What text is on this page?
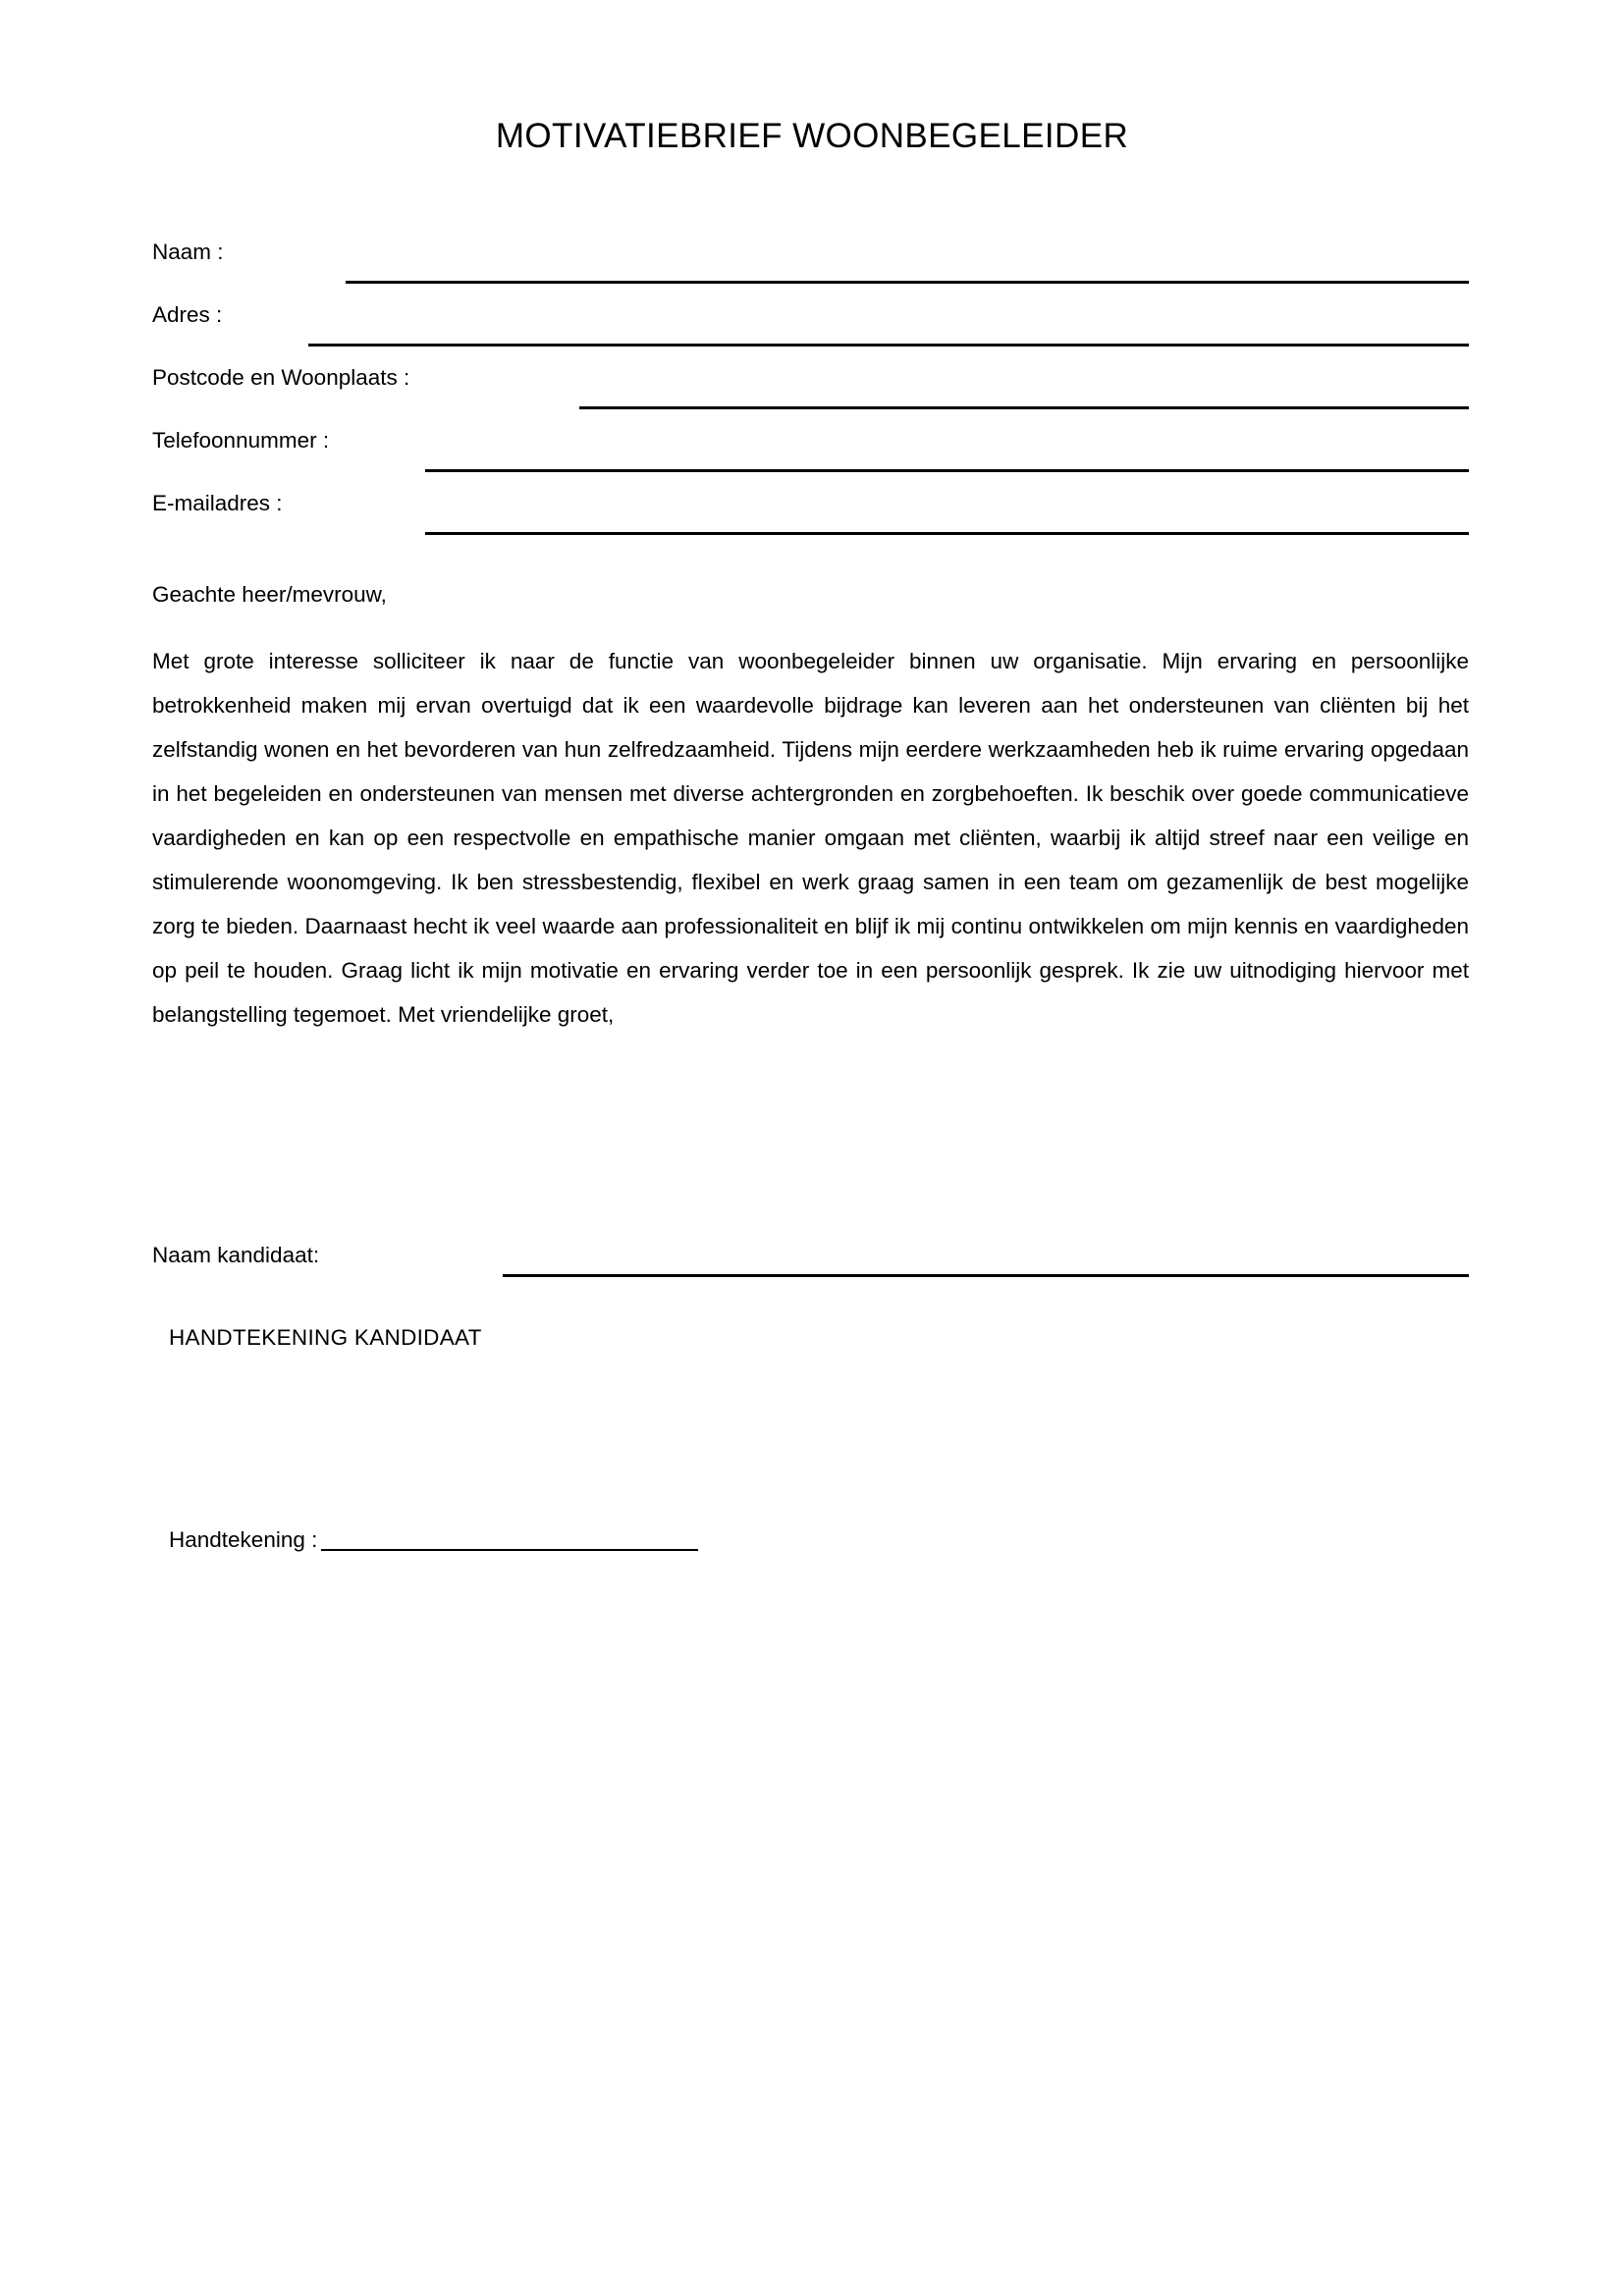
MOTIVATIEBRIEF WOONBEGELEIDER
Naam :
Adres :
Postcode en Woonplaats :
Telefoonnummer :
E-mailadres :
Geachte heer/mevrouw,
Met grote interesse solliciteer ik naar de functie van woonbegeleider binnen uw organisatie. Mijn ervaring en persoonlijke betrokkenheid maken mij ervan overtuigd dat ik een waardevolle bijdrage kan leveren aan het ondersteunen van cliënten bij het zelfstandig wonen en het bevorderen van hun zelfredzaamheid. Tijdens mijn eerdere werkzaamheden heb ik ruime ervaring opgedaan in het begeleiden en ondersteunen van mensen met diverse achtergronden en zorgbehoeften. Ik beschik over goede communicatieve vaardigheden en kan op een respectvolle en empathische manier omgaan met cliënten, waarbij ik altijd streef naar een veilige en stimulerende woonomgeving. Ik ben stressbestendig, flexibel en werk graag samen in een team om gezamenlijk de best mogelijke zorg te bieden. Daarnaast hecht ik veel waarde aan professionaliteit en blijf ik mij continu ontwikkelen om mijn kennis en vaardigheden op peil te houden. Graag licht ik mijn motivatie en ervaring verder toe in een persoonlijk gesprek. Ik zie uw uitnodiging hiervoor met belangstelling tegemoet. Met vriendelijke groet,
Naam kandidaat:
HANDTEKENING KANDIDAAT
Handtekening :
